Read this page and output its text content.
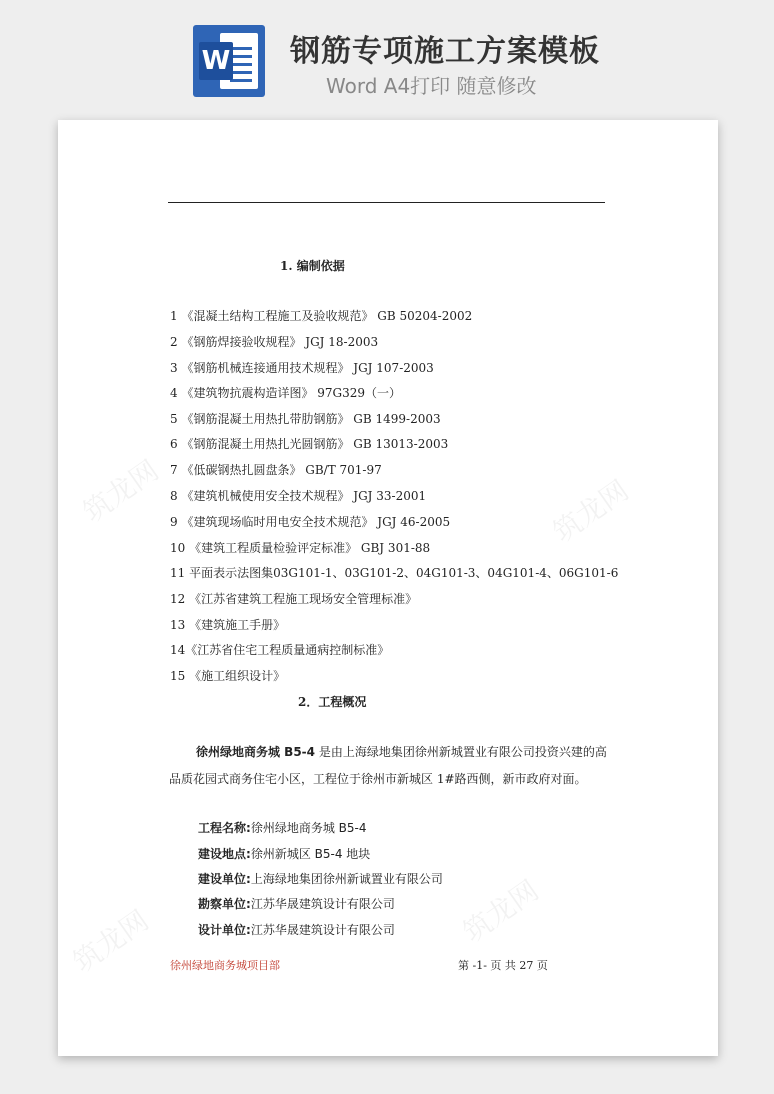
W 钢筋专项施工方案模板
Word A4打印 随意修改
筑龙网
筑龙网
筑龙网
筑龙网
1. 编制依据
1 《混凝土结构工程施工及验收规范》 GB 50204-2002
2 《钢筋焊接验收规程》 JGJ 18-2003
3 《钢筋机械连接通用技术规程》 JGJ 107-2003
4 《建筑物抗震构造详图》 97G329（一）
5 《钢筋混凝土用热扎带肋钢筋》 GB 1499-2003
6 《钢筋混凝土用热扎光圆钢筋》 GB 13013-2003
7 《低碳钢热扎圆盘条》 GB/T 701-97
8 《建筑机械使用安全技术规程》 JGJ 33-2001
9 《建筑现场临时用电安全技术规范》 JGJ 46-2005
10 《建筑工程质量检验评定标准》 GBJ 301-88
11 平面表示法图集03G101-1、03G101-2、04G101-3、04G101-4、06G101-6
12 《江苏省建筑工程施工现场安全管理标准》
13 《建筑施工手册》
14《江苏省住宅工程质量通病控制标准》
15 《施工组织设计》
2．工程概况
徐州绿地商务城 B5-4 是由上海绿地集团徐州新城置业有限公司投资兴建的高
品质花园式商务住宅小区，工程位于徐州市新城区 1#路西侧，新市政府对面。
工程名称:徐州绿地商务城 B5-4
建设地点:徐州新城区 B5-4 地块
建设单位:上海绿地集团徐州新诚置业有限公司
勘察单位:江苏华晟建筑设计有限公司
设计单位:江苏华晟建筑设计有限公司
徐州绿地商务城项目部	第 -1- 页 共 27 页
